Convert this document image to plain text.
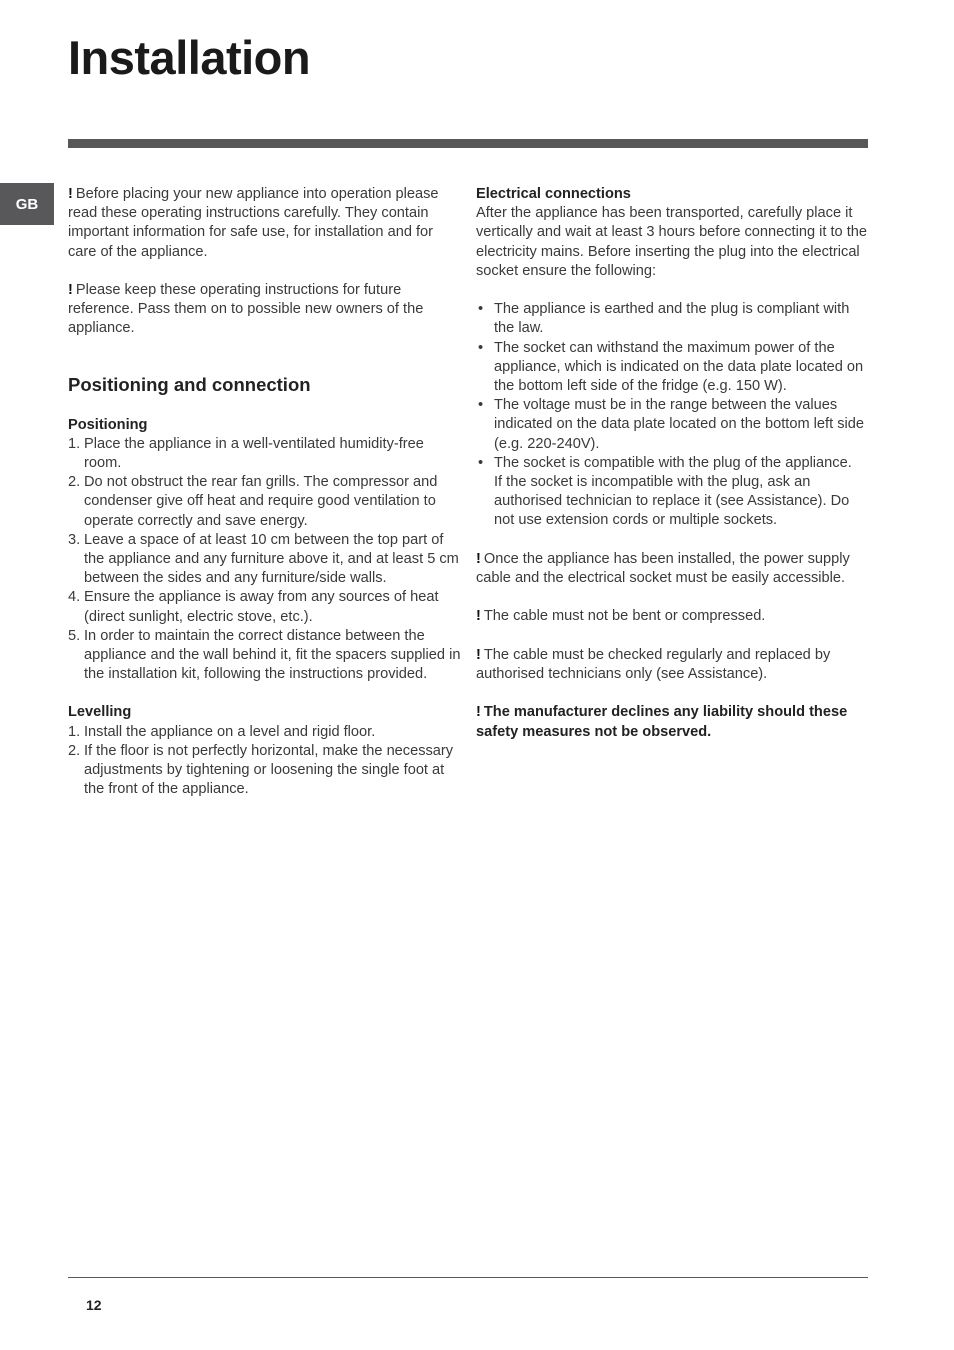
Installation
GB

! Before placing your new appliance into operation please read these operating instructions carefully. They contain important information for safe use, for installation and for care of the appliance.

! Please keep these operating instructions for future reference. Pass them on to possible new owners of the appliance.

Positioning and connection

Positioning

1. Place the appliance in a well-ventilated humidity-free room.
2. Do not obstruct the rear fan grills. The compressor and condenser give off heat and require good ventilation to operate correctly and save energy.
3. Leave a space of at least 10 cm between the top part of the appliance and any furniture above it, and at least 5 cm between the sides and any furniture/side walls.
4. Ensure the appliance is away from any sources of heat (direct sunlight, electric stove, etc.).
5. In order to maintain the correct distance between the appliance and the wall behind it, fit the spacers supplied in the installation kit, following the instructions provided.

Levelling

1. Install the appliance on a level and rigid floor.
2. If the floor is not perfectly horizontal, make the necessary adjustments by tightening or loosening the single foot at the front of the appliance.

Electrical connections

After the appliance has been transported, carefully place it vertically and wait at least 3 hours before connecting it to the electricity mains. Before inserting the plug into the electrical socket ensure the following:

• The appliance is earthed and the plug is compliant with the law.
• The socket can withstand the maximum power of the appliance, which is indicated on the data plate located on the bottom left side of the fridge (e.g. 150 W).
• The voltage must be in the range between the values indicated on the data plate located on the bottom left side (e.g. 220-240V).
• The socket is compatible with the plug of the appliance.
If the socket is incompatible with the plug, ask an authorised technician to replace it (see Assistance). Do not use extension cords or multiple sockets.

! Once the appliance has been installed, the power supply cable and the electrical socket must be easily accessible.

! The cable must not be bent or compressed.

! The cable must be checked regularly and replaced by authorised technicians only (see Assistance).

! The manufacturer declines any liability should these safety measures not be observed.

12
